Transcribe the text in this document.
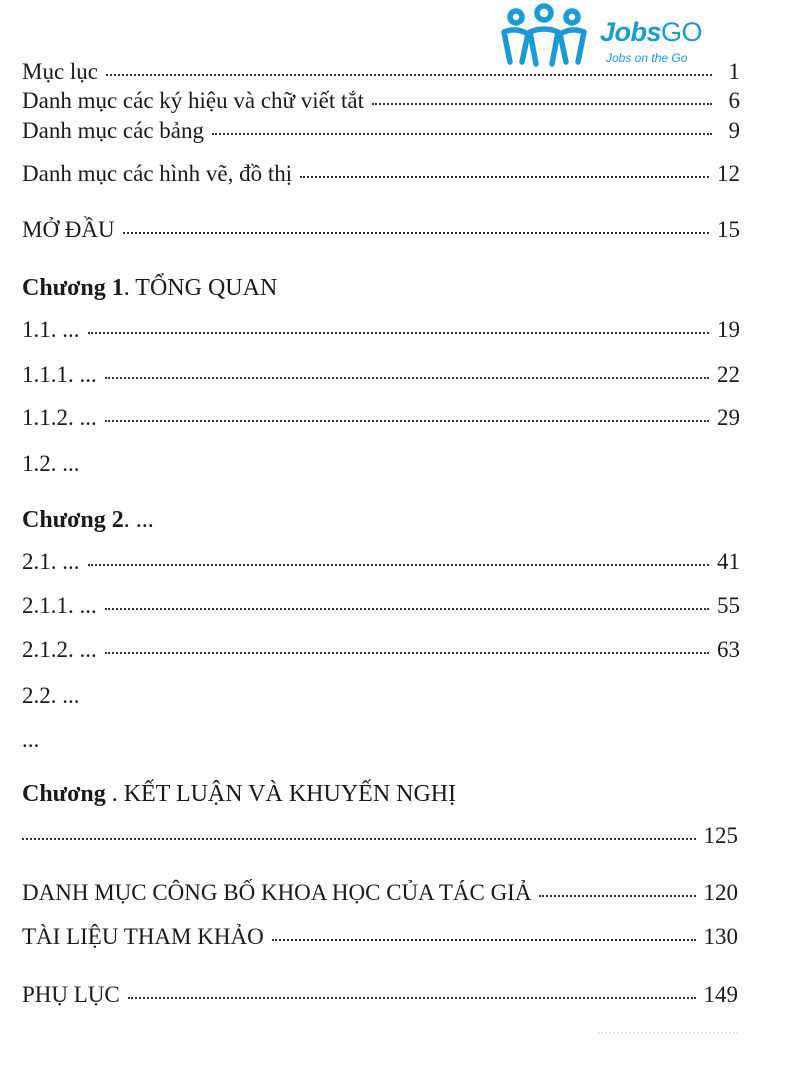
JobsGO
Jobs on the Go
Mục lục	1
Danh mục các ký hiệu và chữ viết tắt	6
Danh mục các bảng	9
Danh mục các hình vẽ, đồ thị	12
MỞ ĐẦU	15
Chương 1. TỔNG QUAN
1.1. ...	19
1.1.1. ...	22
1.1.2. ...	29
1.2. ...
Chương 2. ...
2.1. ...	41
2.1.1. ...	55
2.1.2. ...	63
2.2. ...
...
Chương . KẾT LUẬN VÀ KHUYẾN NGHỊ
125
DANH MỤC CÔNG BỐ KHOA HỌC CỦA TÁC GIẢ	120
TÀI LIỆU THAM KHẢO	130
PHỤ LỤC	149
